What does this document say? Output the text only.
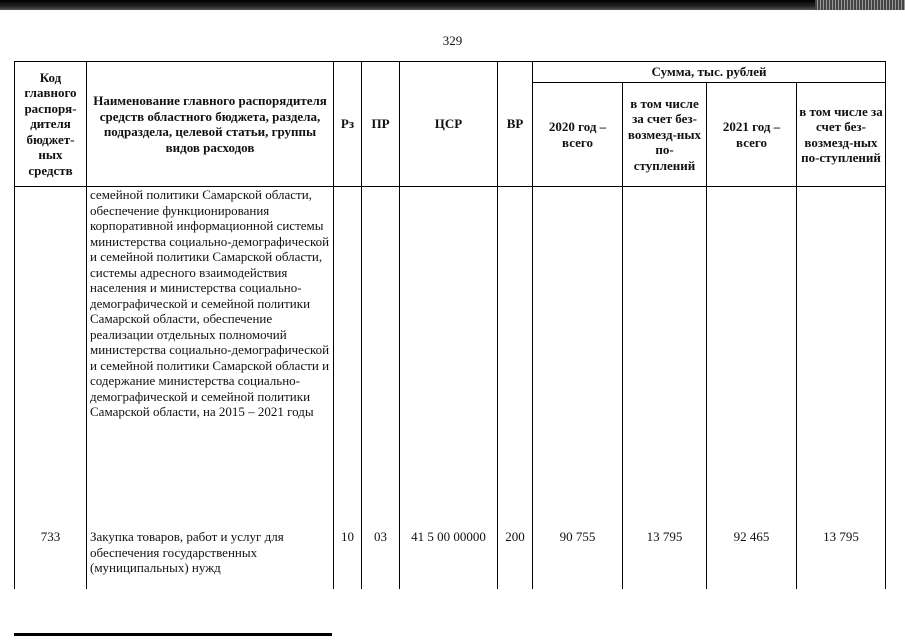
329
Код главного распоря-дителя бюджет-ных средств	Наименование главного распорядителя средств областного бюджета, раздела, подраздела, целевой статьи, группы видов расходов	Рз	ПР	ЦСР	ВР	Сумма, тыс. рублей			
						2020 год – всего	в том числе за счет без-возмезд-ных по-ступлений	2021 год – всего	в том числе за счет без-возмезд-ных по-ступлений
	семейной политики Самарской области, обеспечение функционирования корпоративной информационной системы министерства социально-демографической и семейной политики Самарской области, системы адресного взаимодействия населения и министерства социально-демографической и семейной политики Самарской области, обеспечение реализации отдельных полномочий министерства социально-демографической и семейной политики Самарской области и содержание министерства социально-демографической и семейной политики Самарской области, на 2015 – 2021 годы								
733	Закупка товаров, работ и услуг для обеспечения государственных (муниципальных) нужд	10	03	41 5 00 00000	200	90 755	13 795	92 465	13 795
